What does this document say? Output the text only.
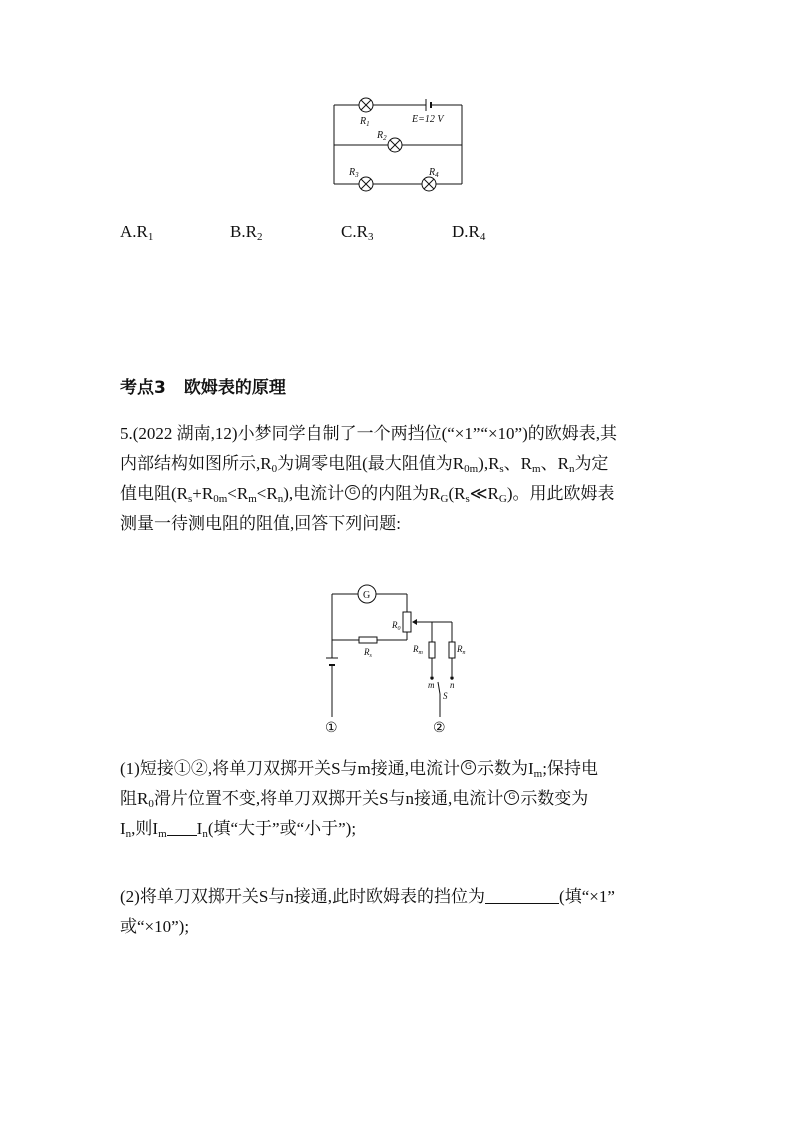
$R_1$	E=12 V
$R_2$
$R_3$	$R_4$
$A.R_1$	$B.R_2$	$C.R_3$	$D.R_4$
考点3 欧姆表的原理
5.(2022 湖南,12)小梦同学自制了一个两挡位(“×1”“×10”)的欧姆表,其
内部结构如图所示$,R_0$为调零电阻(最大阻值为$R_{0m}),R_s$、$R_m$、$R_n$为定
值电阻$(R_s+R_{0m}<R_m<R_n)$,电流计 G 的内阻为$R_G(R_s≪R_G)$。用此欧姆表
测量一待测电阻的阻值,回答下列问题:
G
$R_0$
$R_s$
$R_m$	$R_n$
m n
S
①	②
(1)短接①②,将单刀双掷开关S与m接通,电流计 G 示数为$I_m$;保持电
阻$R_0$滑片位置不变,将单刀双掷开关S与n接通,电流计 G 示数变为
$I_n$,则$I_m$ $I_n$(填“大于”或“小于”);
(2)将单刀双掷开关S与n接通,此时欧姆表的挡位为	(填“×1”
或“×10”);
